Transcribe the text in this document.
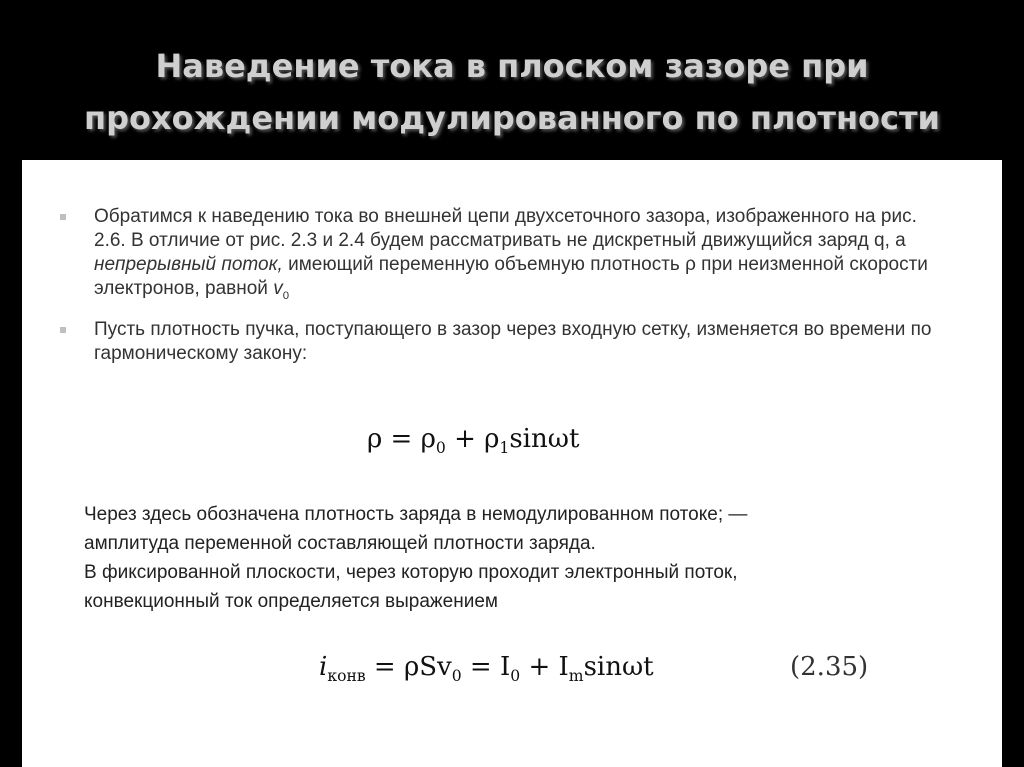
Наведение тока в плоском зазоре при прохождении модулированного по плотности
Обратимся к наведению тока во внешней цепи двухсеточного зазора, изображенного на рис. 2.6. В отличие от рис. 2.3 и 2.4 будем рассматривать не дискретный движущийся заряд q, а непрерывный поток, имеющий переменную объемную плотность ρ при неизменной скорости электронов, равной $v_0$
Пусть плотность пучка, поступающего в зазор через входную сетку, изменяется во времени по гармоническому закону:
$\rho = \rho_0 + \rho_1\sin\omega t$

Через здесь обозначена плотность заряда в немодулированном потоке; —

амплитуда переменной составляющей плотности заряда.

В фиксированной плоскости, через которую проходит электронный поток,

конвекционный ток определяется выражением

$i_{конв} = \rho Sv_0 = I_0 + I_m\sin\omega t$	(2.35)
